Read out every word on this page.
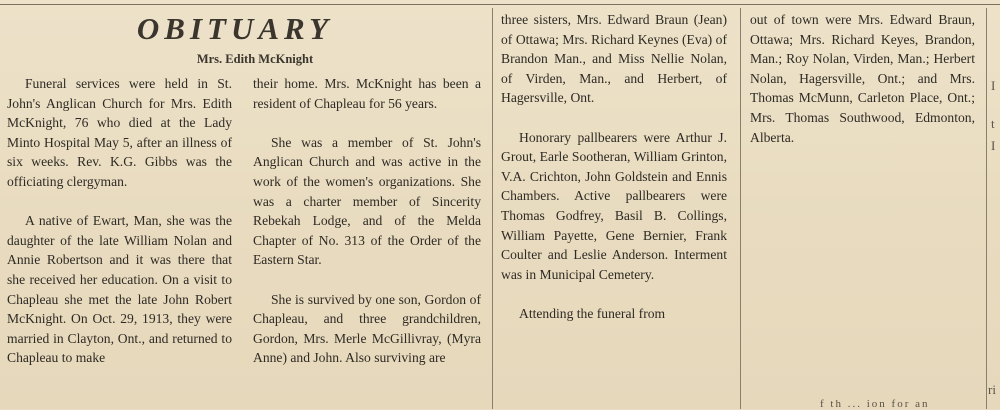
OBITUARY
Mrs. Edith McKnight

Funeral services were held in St. John's Anglican Church for Mrs. Edith McKnight, 76 who died at the Lady Minto Hospital May 5, after an illness of six weeks. Rev. K.G. Gibbs was the officiating clergyman.

A native of Ewart, Man, she was the daughter of the late William Nolan and Annie Robertson and it was there that she received her education. On a visit to Chapleau she met the late John Robert McKnight. On Oct. 29, 1913, they were married in Clayton, Ont., and returned to Chapleau to make

their home. Mrs. McKnight has been a resident of Chapleau for 56 years.

She was a member of St. John's Anglican Church and was active in the work of the women's organizations. She was a charter member of Sincerity Rebekah Lodge, and of the Melda Chapter of No. 313 of the Order of the Eastern Star.

She is survived by one son, Gordon of Chapleau, and three grandchildren, Gordon, Mrs. Merle McGillivray, (Myra Anne) and John. Also surviving are

three sisters, Mrs. Edward Braun (Jean) of Ottawa; Mrs. Richard Keynes (Eva) of Brandon Man., and Miss Nellie Nolan, of Virden, Man., and Herbert, of Hagersville, Ont.

Honorary pallbearers were Arthur J. Grout, Earle Sootheran, William Grinton, V.A. Crichton, John Goldstein and Ennis Chambers. Active pallbearers were Thomas Godfrey, Basil B. Collings, William Payette, Gene Bernier, Frank Coulter and Leslie Anderson. Interment was in Municipal Cemetery.

Attending the funeral from

out of town were Mrs. Edward Braun, Ottawa; Mrs. Richard Keyes, Brandon, Man.; Roy Nolan, Virden, Man.; Herbert Nolan, Hagersville, Ont.; and Mrs. Thomas McMunn, Carleton Place, Ont.; Mrs. Thomas Southwood, Edmonton, Alberta.

I
t
I
ri
f th ... ion for an
